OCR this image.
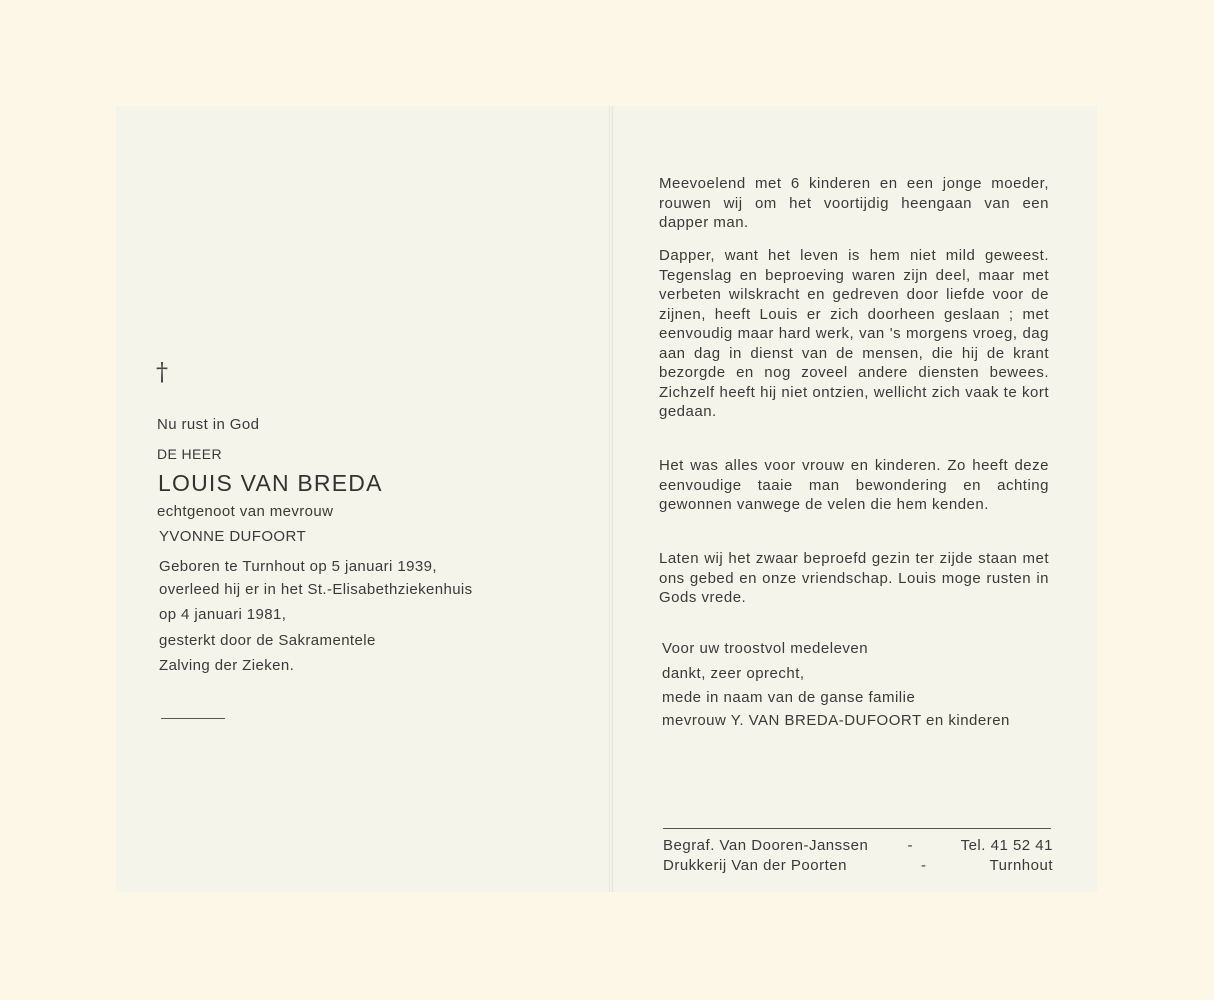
†
Nu rust in God
DE HEER
LOUIS VAN BREDA
echtgenoot van mevrouw
YVONNE DUFOORT
Geboren te Turnhout op 5 januari 1939,
overleed hij er in het St.-Elisabethziekenhuis
op 4 januari 1981,
gesterkt door de Sakramentele
Zalving der Zieken.
Meevoelend met 6 kinderen en een jonge moeder, rouwen wij om het voortijdig heengaan van een dapper man.
Dapper, want het leven is hem niet mild geweest. Tegenslag en beproeving waren zijn deel, maar met verbeten wilskracht en gedreven door liefde voor de zijnen, heeft Louis er zich doorheen geslaan ; met eenvoudig maar hard werk, van 's morgens vroeg, dag aan dag in dienst van de mensen, die hij de krant bezorgde en nog zoveel andere diensten bewees. Zichzelf heeft hij niet ontzien, wellicht zich vaak te kort gedaan.
Het was alles voor vrouw en kinderen. Zo heeft deze eenvoudige taaie man bewondering en achting gewonnen vanwege de velen die hem kenden.
Laten wij het zwaar beproefd gezin ter zijde staan met ons gebed en onze vriendschap. Louis moge rusten in Gods vrede.
Voor uw troostvol medeleven
dankt, zeer oprecht,
mede in naam van de ganse familie
mevrouw Y. VAN BREDA-DUFOORT en kinderen
Begraf. Van Dooren-Janssen	-	Tel. 41 52 41
Drukkerij Van der Poorten	-	Turnhout
